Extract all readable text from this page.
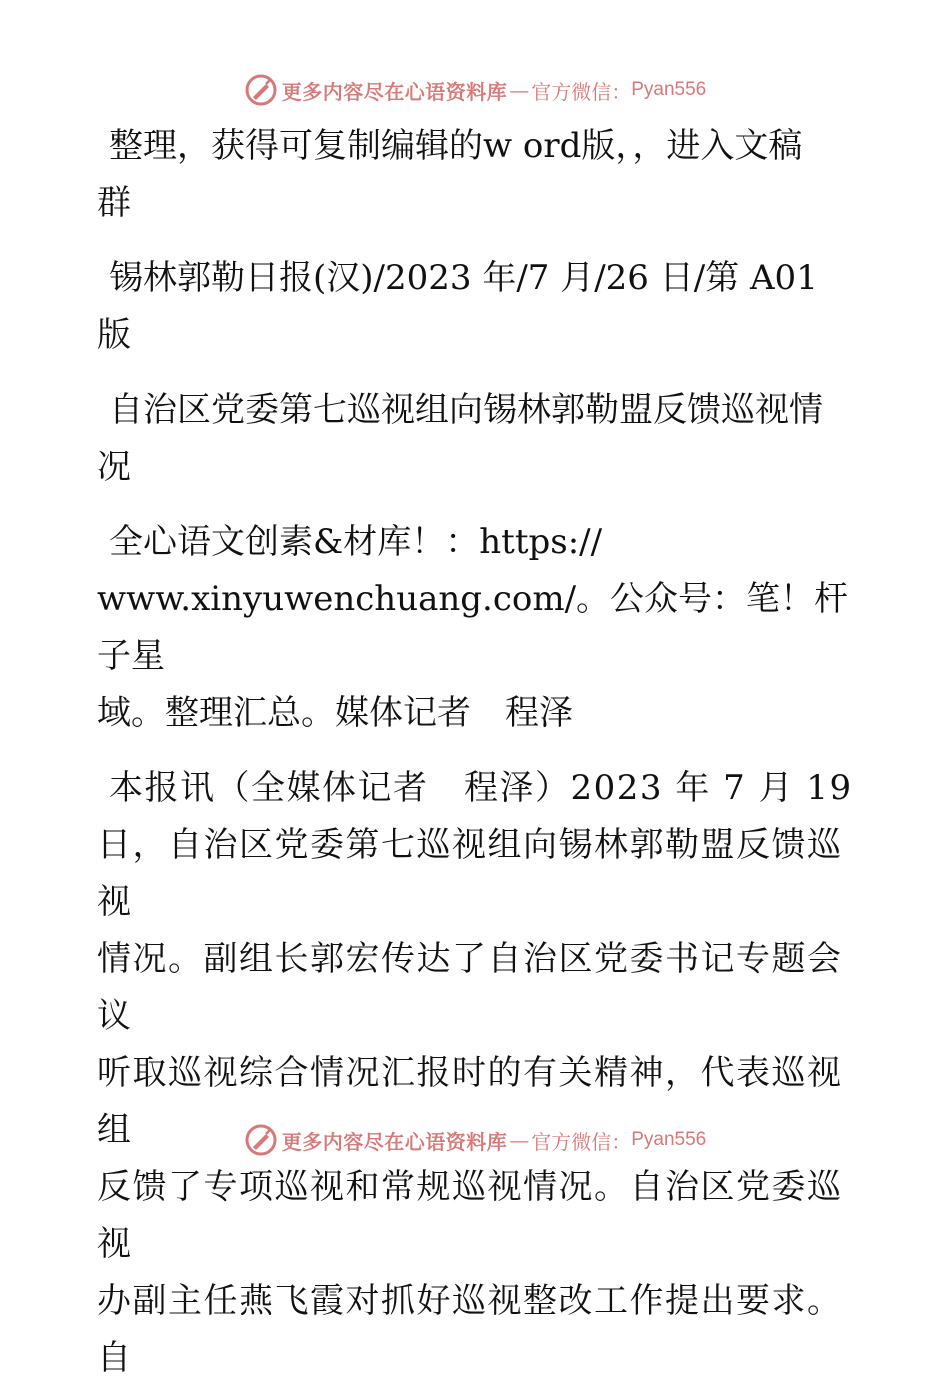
更多内容尽在心语资料库 — 官方微信： Pyan556

整理，获得可复制编辑的w ord版，，进入文稿
群

锡林郭勒日报(汉)/2023 年/7 月/26 日/第 A01
版

自治区党委第七巡视组向锡林郭勒盟反馈巡视情
况

全心语文创素&材库！：https://
www.xinyuwenchuang.com/。公众号：笔！杆子星
域。整理汇总。媒体记者　程泽

本报讯（全媒体记者　程泽）2023 年 7 月 19
日，自治区党委第七巡视组向锡林郭勒盟反馈巡视
情况。副组长郭宏传达了自治区党委书记专题会议
听取巡视综合情况汇报时的有关精神，代表巡视组
反馈了专项巡视和常规巡视情况。自治区党委巡视
办副主任燕飞霞对抓好巡视整改工作提出要求。自

更多内容尽在心语资料库 — 官方微信： Pyan556
